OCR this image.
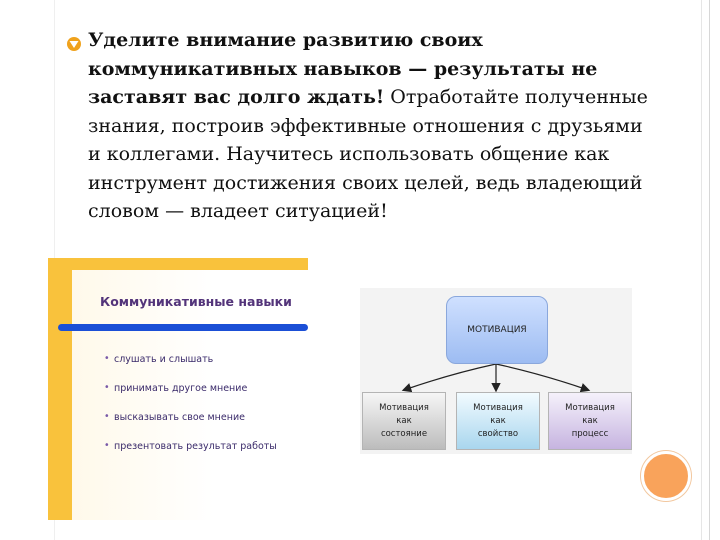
Уделите внимание развитию своих коммуникативных навыков — результаты не заставят вас долго ждать! Отработайте полученные знания, построив эффективные отношения с друзьями и коллегами. Научитесь использовать общение как инструмент достижения своих целей, ведь владеющий словом — владеет ситуацией!
Коммуникативные навыки
• слушать и слышать
• принимать другое мнение
• высказывать свое мнение
• презентовать результат работы
МОТИВАЦИЯ
Мотивация
как
состояние
Мотивация
как
свойство
Мотивация
как
процесс
